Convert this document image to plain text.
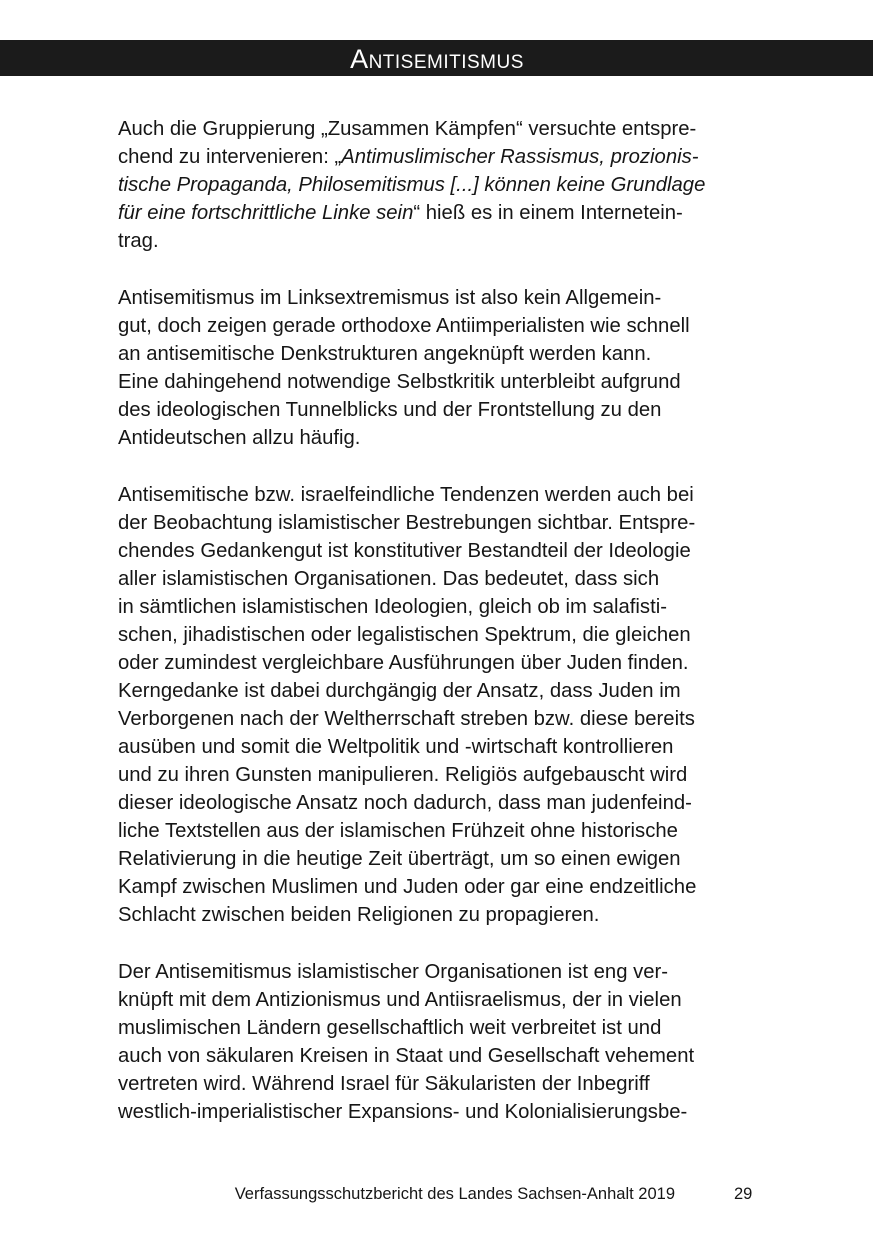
Antisemitismus

Auch die Gruppierung „Zusammen Kämpfen“ versuchte entspre-
chend zu intervenieren: „Antimuslimischer Rassismus, prozionis-
tische Propaganda, Philosemitismus [...] können keine Grundlage
für eine fortschrittliche Linke sein“ hieß es in einem Internetein-
trag.

Antisemitismus im Linksextremismus ist also kein Allgemein-
gut, doch zeigen gerade orthodoxe Antiimperialisten wie schnell
an antisemitische Denkstrukturen angeknüpft werden kann.
Eine dahingehend notwendige Selbstkritik unterbleibt aufgrund
des ideologischen Tunnelblicks und der Frontstellung zu den
Antideutschen allzu häufig.

Antisemitische bzw. israelfeindliche Tendenzen werden auch bei
der Beobachtung islamistischer Bestrebungen sichtbar. Entspre-
chendes Gedankengut ist konstitutiver Bestandteil der Ideologie
aller islamistischen Organisationen. Das bedeutet, dass sich
in sämtlichen islamistischen Ideologien, gleich ob im salafisti-
schen, jihadistischen oder legalistischen Spektrum, die gleichen
oder zumindest vergleichbare Ausführungen über Juden finden.
Kerngedanke ist dabei durchgängig der Ansatz, dass Juden im
Verborgenen nach der Weltherrschaft streben bzw. diese bereits
ausüben und somit die Weltpolitik und -wirtschaft kontrollieren
und zu ihren Gunsten manipulieren. Religiös aufgebauscht wird
dieser ideologische Ansatz noch dadurch, dass man judenfeind-
liche Textstellen aus der islamischen Frühzeit ohne historische
Relativierung in die heutige Zeit überträgt, um so einen ewigen
Kampf zwischen Muslimen und Juden oder gar eine endzeitliche
Schlacht zwischen beiden Religionen zu propagieren.

Der Antisemitismus islamistischer Organisationen ist eng ver-
knüpft mit dem Antizionismus und Antiisraelismus, der in vielen
muslimischen Ländern gesellschaftlich weit verbreitet ist und
auch von säkularen Kreisen in Staat und Gesellschaft vehement
vertreten wird. Während Israel für Säkularisten der Inbegriff
westlich-imperialistischer Expansions- und Kolonialisierungsbe-

Verfassungsschutzbericht des Landes Sachsen-Anhalt 2019	29
